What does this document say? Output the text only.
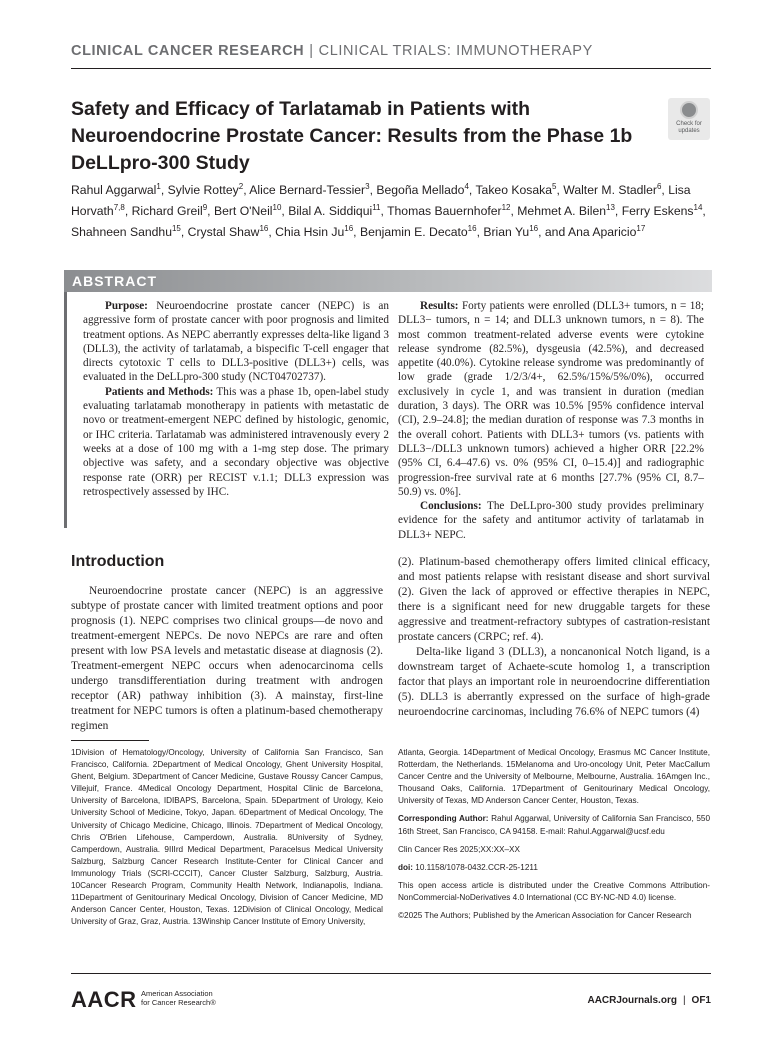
CLINICAL CANCER RESEARCH | CLINICAL TRIALS: IMMUNOTHERAPY
Safety and Efficacy of Tarlatamab in Patients with Neuroendocrine Prostate Cancer: Results from the Phase 1b DeLLpro-300 Study
Check for updates
Rahul Aggarwal$^1$, Sylvie Rottey$^2$, Alice Bernard-Tessier$^3$, Begoña Mellado$^4$, Takeo Kosaka$^5$, Walter M. Stadler$^6$, Lisa Horvath$^{7,8}$, Richard Greil$^9$, Bert O'Neil$^{10}$, Bilal A. Siddiqui$^{11}$, Thomas Bauernhofer$^{12}$, Mehmet A. Bilen$^{13}$, Ferry Eskens$^{14}$, Shahneen Sandhu$^{15}$, Crystal Shaw$^{16}$, Chia Hsin Ju$^{16}$, Benjamin E. Decato$^{16}$, Brian Yu$^{16}$, and Ana Aparicio$^{17}$
ABSTRACT

Purpose: Neuroendocrine prostate cancer (NEPC) is an aggressive form of prostate cancer with poor prognosis and limited treatment options. As NEPC aberrantly expresses delta-like ligand 3 (DLL3), the activity of tarlatamab, a bispecific T-cell engager that directs cytotoxic T cells to DLL3-positive (DLL3+) cells, was evaluated in the DeLLpro-300 study (NCT04702737).

Patients and Methods: This was a phase 1b, open-label study evaluating tarlatamab monotherapy in patients with metastatic de novo or treatment-emergent NEPC defined by histologic, genomic, or IHC criteria. Tarlatamab was administered intravenously every 2 weeks at a dose of 100 mg with a 1-mg step dose. The primary objective was safety, and a secondary objective was objective response rate (ORR) per RECIST v.1.1; DLL3 expression was retrospectively assessed by IHC.

Results: Forty patients were enrolled (DLL3+ tumors, n = 18; DLL3− tumors, n = 14; and DLL3 unknown tumors, n = 8). The most common treatment-related adverse events were cytokine release syndrome (82.5%), dysgeusia (42.5%), and decreased appetite (40.0%). Cytokine release syndrome was predominantly of low grade (grade 1/2/3/4+, 62.5%/15%/5%/0%), occurred exclusively in cycle 1, and was transient in duration (median duration, 3 days). The ORR was 10.5% [95% confidence interval (CI), 2.9–24.8]; the median duration of response was 7.3 months in the overall cohort. Patients with DLL3+ tumors (vs. patients with DLL3−/DLL3 unknown tumors) achieved a higher ORR [22.2% (95% CI, 6.4–47.6) vs. 0% (95% CI, 0–15.4)] and radiographic progression-free survival rate at 6 months [27.7% (95% CI, 8.7–50.9) vs. 0%].

Conclusions: The DeLLpro-300 study provides preliminary evidence for the safety and antitumor activity of tarlatamab in DLL3+ NEPC.

Introduction

Neuroendocrine prostate cancer (NEPC) is an aggressive subtype of prostate cancer with limited treatment options and poor prognosis (1). NEPC comprises two clinical groups—de novo and treatment-emergent NEPCs. De novo NEPCs are rare and often present with low PSA levels and metastatic disease at diagnosis (2). Treatment-emergent NEPC occurs when adenocarcinoma cells undergo transdifferentiation during treatment with androgen receptor (AR) pathway inhibition (3). A mainstay, first-line treatment for NEPC tumors is often a platinum-based chemotherapy regimen

(2). Platinum-based chemotherapy offers limited clinical efficacy, and most patients relapse with resistant disease and short survival (2). Given the lack of approved or effective therapies in NEPC, there is a significant need for new druggable targets for these aggressive and treatment-refractory subtypes of castration-resistant prostate cancers (CRPC; ref. 4).

Delta-like ligand 3 (DLL3), a noncanonical Notch ligand, is a downstream target of Achaete-scute homolog 1, a transcription factor that plays an important role in neuroendocrine differentiation (5). DLL3 is aberrantly expressed on the surface of high-grade neuroendocrine carcinomas, including 76.6% of NEPC tumors (4)

1Division of Hematology/Oncology, University of California San Francisco, San Francisco, California. 2Department of Medical Oncology, Ghent University Hospital, Ghent, Belgium. 3Department of Cancer Medicine, Gustave Roussy Cancer Campus, Villejuif, France. 4Medical Oncology Department, Hospital Clinic de Barcelona, University of Barcelona, IDIBAPS, Barcelona, Spain. 5Department of Urology, Keio University School of Medicine, Tokyo, Japan. 6Department of Medical Oncology, The University of Chicago Medicine, Chicago, Illinois. 7Department of Medical Oncology, Chris O'Brien Lifehouse, Camperdown, Australia. 8University of Sydney, Camperdown, Australia. 9IIIrd Medical Department, Paracelsus Medical University Salzburg, Salzburg Cancer Research Institute-Center for Clinical Cancer and Immunology Trials (SCRI-CCCIT), Cancer Cluster Salzburg, Salzburg, Austria. 10Cancer Research Program, Community Health Network, Indianapolis, Indiana. 11Department of Genitourinary Medical Oncology, Division of Cancer Medicine, MD Anderson Cancer Center, Houston, Texas. 12Division of Clinical Oncology, Medical University of Graz, Graz, Austria. 13Winship Cancer Institute of Emory University,

Atlanta, Georgia. 14Department of Medical Oncology, Erasmus MC Cancer Institute, Rotterdam, the Netherlands. 15Melanoma and Uro-oncology Unit, Peter MacCallum Cancer Centre and the University of Melbourne, Melbourne, Australia. 16Amgen Inc., Thousand Oaks, California. 17Department of Genitourinary Medical Oncology, University of Texas, MD Anderson Cancer Center, Houston, Texas.

Corresponding Author: Rahul Aggarwal, University of California San Francisco, 550 16th Street, San Francisco, CA 94158. E-mail: Rahul.Aggarwal@ucsf.edu

Clin Cancer Res 2025;XX:XX–XX

doi: 10.1158/1078-0432.CCR-25-1211

This open access article is distributed under the Creative Commons Attribution-NonCommercial-NoDerivatives 4.0 International (CC BY-NC-ND 4.0) license.

©2025 The Authors; Published by the American Association for Cancer Research

AACR American Association
for Cancer Research®	AACRJournals.org | OF1
